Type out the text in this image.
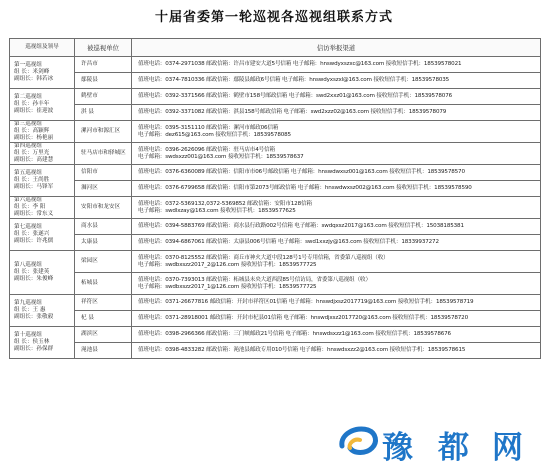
十届省委第一轮巡视各巡视组联系方式
巡视组及领导	被巡视单位	信访举报渠道

第一巡视组
组 长：米剑峰
副组长：韩若冰	许昌市	值班电话：0374-2971038 邮政信箱：许昌市建安大道5号信箱 电子邮箱：hnswdyxszxc@163.com 接收短信手机：18539578021

	鄢陵县	值班电话：0374-7810336 邮政信箱：鄢陵县邮政6号信箱 电子邮箱：hnswdyxszxl@163.com 接收短信手机：18539578035

第二巡视组
组 长：孙丰年
副组长：崔迎波	鹤壁市	值班电话：0392-3371566 邮政信箱：鹤壁市158号邮政信箱 电子邮箱：swd2xxz01@163.com 接收短信手机：18539578076

	淇 县	值班电话：0392-3371082 邮政信箱：淇县158号邮政信箱 电子邮箱：swd2xzz02@163.com 接收短信手机：18539578079

第三巡视组
组 长：高颖辉
副组长：杨艳丽	漯河市和源汇区	值班电话：0395-3151110 邮政信箱：漯河市邮政06信箱
电子邮箱：dez615@163.com 接收短信手机：18539578085

第四巡视组
组 长：万里光
副组长：高建慧	驻马店市和驿城区	值班电话：0396-2626096 邮政信箱：驻马店市4号信箱
电子邮箱：swdsxzz001@163.com 接收短信手机：18539578637

第五巡视组
组 长：王尚胜
副组长：马锋军	信阳市	值班电话：0376-6360089 邮政信箱：信阳市市06号邮政信箱 电子邮箱：hnswdwxsz001@163.com 接收短信手机：18539578570

	浉河区	值班电话：0376-6799658 邮政信箱：信阳市第2073号邮政信箱 电子邮箱：hnswdwxsz002@163.com 接收短信手机：18539578590

第六巡视组
组 长：李 阳
副组长：常东义	安阳市和龙安区	值班电话：0372-5369132,0372-5369852 邮政信箱：安阳市128信箱
电子邮箱：swdlxzay@163.com 接收短信手机：18539577625

第七巡视组
组 长：张遂兴
副组长：许兆儒	商水县	值班电话：0394-5883769 邮政信箱：商水县行政路002号信箱 电子邮箱：swdqxsz2017@163.com 接收短信手机：15038185381

	太康县	值班电话：0394-6867061 邮政信箱：太康县006号信箱 电子邮箱：swd1xxzjy@163.com 接收短信手机：18339937272

第八巡视组
组 长：张建英
副组长：朱俊峰	梁园区	值班电话：0370-8125552 邮政信箱：商丘市神火大道中段128号1号专用信箱，省委第八巡视组（收）
电子邮箱：swdbxszz2017_2@126.com 接收短信手机：18539577725

	柘城县	值班电话：0370-7393013 邮政信箱：柘城县未央大道西段85号信访局，省委第八巡视组（收）
电子邮箱：swdbxszz2017_1@126.com 接收短信手机：18539577725

第九巡视组
组 长：王 惠
副组长：张敬毅	祥符区	值班电话：0371-26677816 邮政信箱：开封市祥符区01信箱 电子邮箱：hnswdjxsz2017719@163.com 接收短信手机：18539578719

	杞 县	值班电话：0371-28918001 邮政信箱：开封市杞县01信箱 电子邮箱：hnswdjxsz2017720@163.com 接收短信手机：18539578720

第十巡视组
组 长：侯玉林
副组长：孙保群	湖滨区	值班电话：0398-2966366 邮政信箱：三门峡邮政21号信箱 电子邮箱：hnswdsxzz1@163.com 接收短信手机：18539578676

	渑池县	值班电话：0398-4833282 邮政信箱：渑池县邮政专用010号信箱 电子邮箱：hnswdsxzz2@163.com 接收短信手机：18539578615
豫 都 网
